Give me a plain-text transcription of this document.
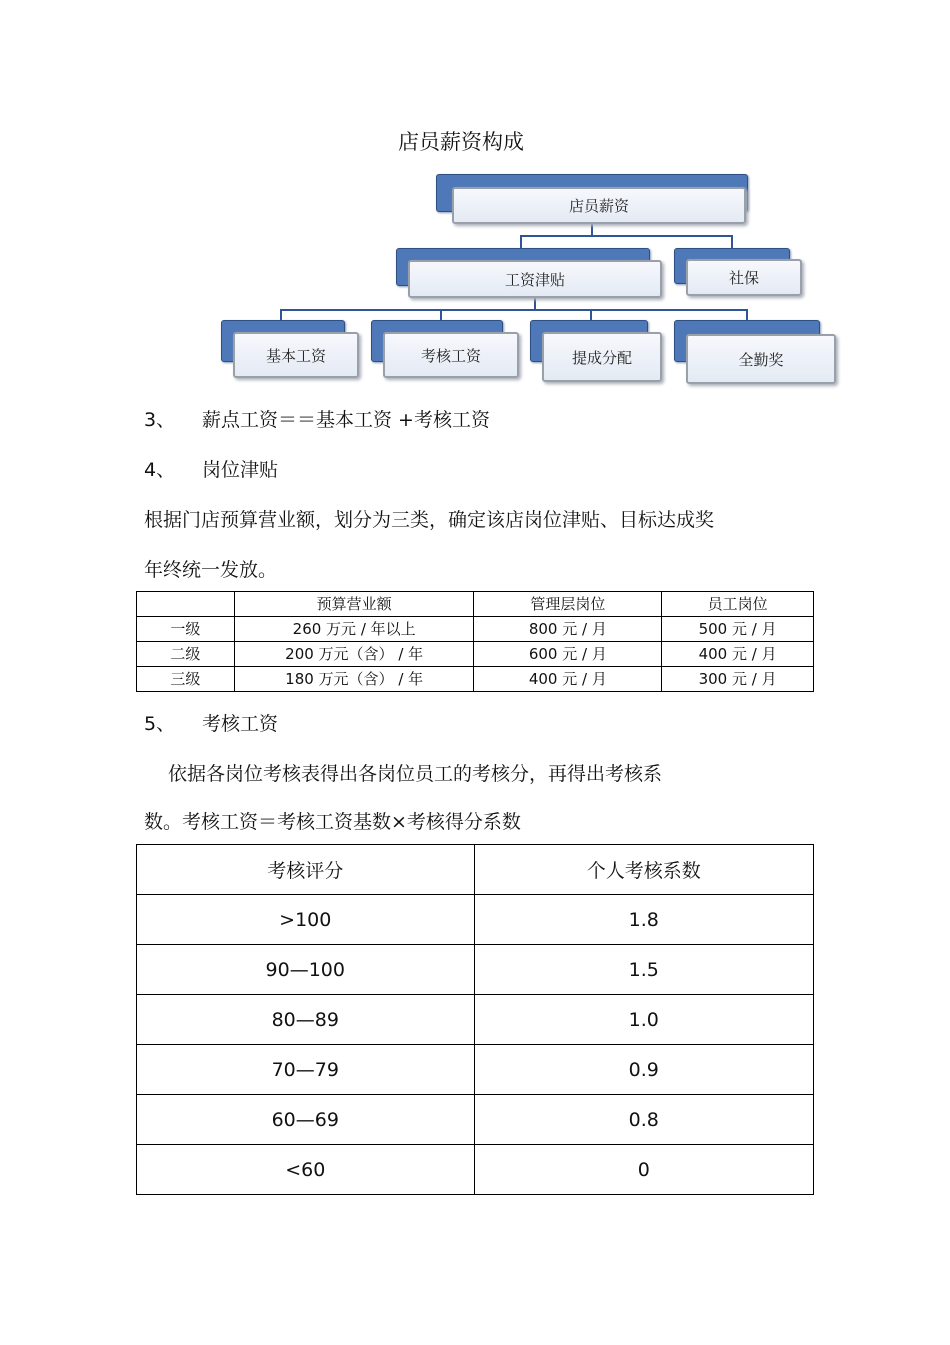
店员薪资构成
店员薪资
工资津贴	社保
基本工资	考核工资	提成分配	全勤奖
3、 薪点工资＝＝基本工资 +考核工资
4、 岗位津贴
根据门店预算营业额，划分为三类，确定该店岗位津贴、目标达成奖
年终统一发放。
	预算营业额	管理层岗位	员工岗位
一级	260 万元 / 年以上	800 元 / 月	500 元 / 月
二级	200 万元（含） / 年	600 元 / 月	400 元 / 月
三级	180 万元（含） / 年	400 元 / 月	300 元 / 月
5、 考核工资
依据各岗位考核表得出各岗位员工的考核分，再得出考核系
数。考核工资＝考核工资基数×考核得分系数
考核评分	个人考核系数
>100	1.8
90—100	1.5
80—89	1.0
70—79	0.9
60—69	0.8
<60	0
